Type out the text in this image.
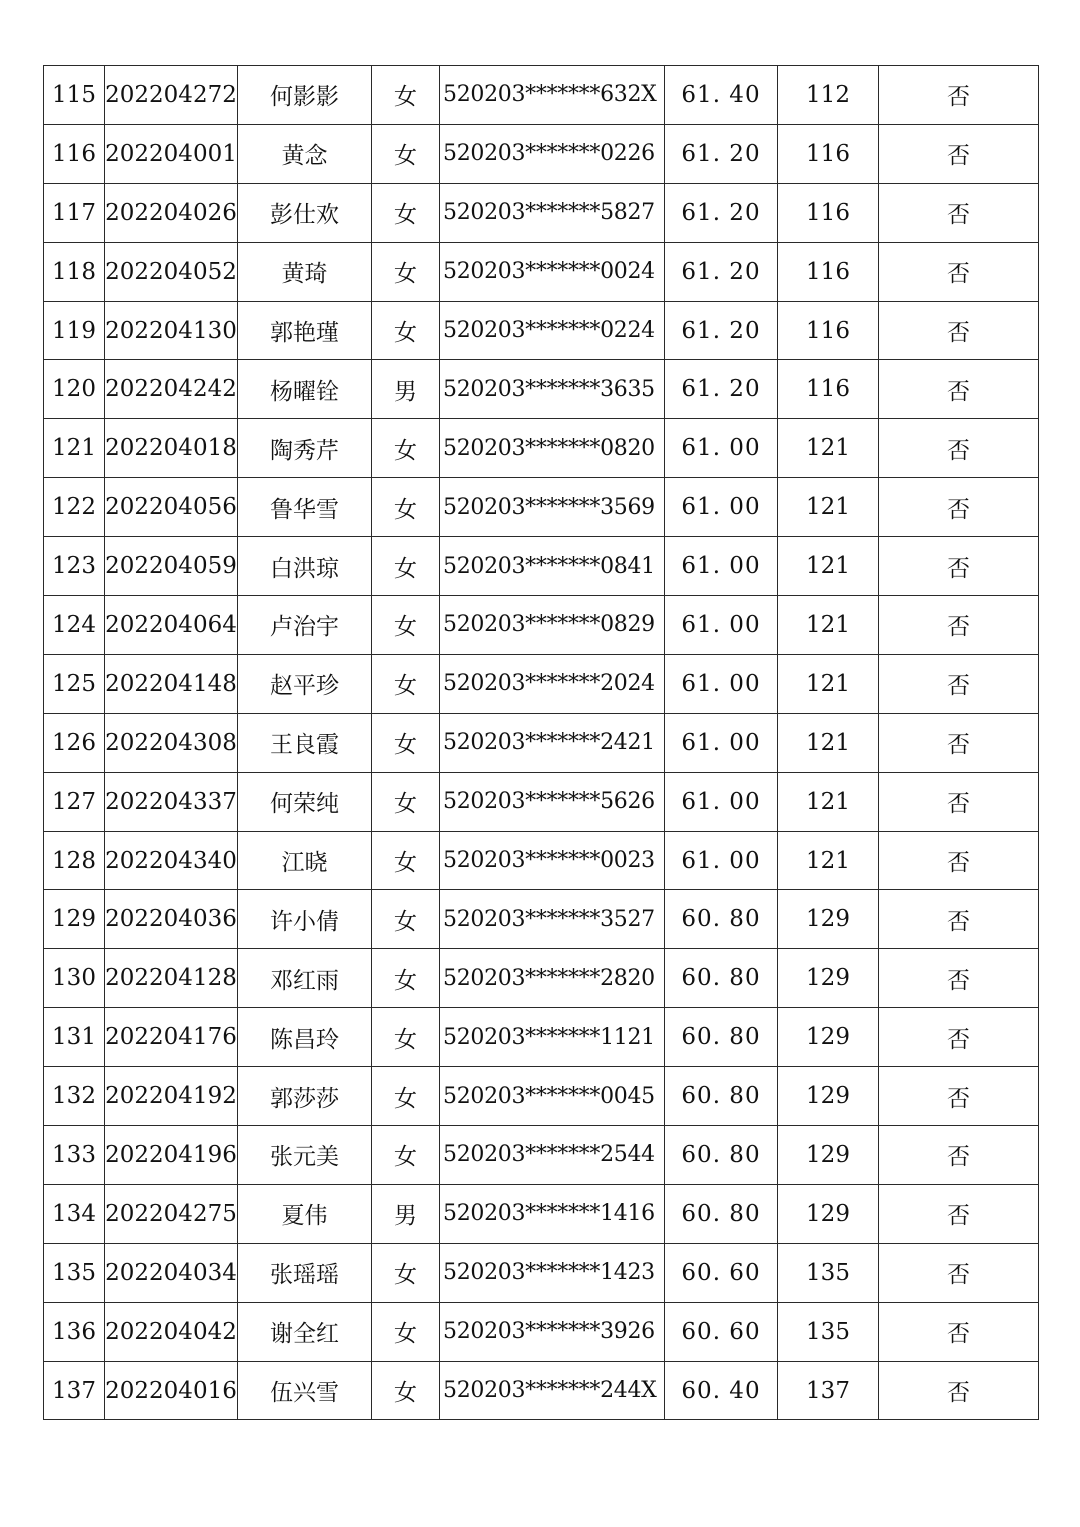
115	202204272	何影影	女	520203*******632X	61. 40	112	否
116	202204001	黄念	女	520203*******0226	61. 20	116	否
117	202204026	彭仕欢	女	520203*******5827	61. 20	116	否
118	202204052	黄琦	女	520203*******0024	61. 20	116	否
119	202204130	郭艳瑾	女	520203*******0224	61. 20	116	否
120	202204242	杨曜铨	男	520203*******3635	61. 20	116	否
121	202204018	陶秀芹	女	520203*******0820	61. 00	121	否
122	202204056	鲁华雪	女	520203*******3569	61. 00	121	否
123	202204059	白洪琼	女	520203*******0841	61. 00	121	否
124	202204064	卢治宇	女	520203*******0829	61. 00	121	否
125	202204148	赵平珍	女	520203*******2024	61. 00	121	否
126	202204308	王良霞	女	520203*******2421	61. 00	121	否
127	202204337	何荣纯	女	520203*******5626	61. 00	121	否
128	202204340	江晓	女	520203*******0023	61. 00	121	否
129	202204036	许小倩	女	520203*******3527	60. 80	129	否
130	202204128	邓红雨	女	520203*******2820	60. 80	129	否
131	202204176	陈昌玲	女	520203*******1121	60. 80	129	否
132	202204192	郭莎莎	女	520203*******0045	60. 80	129	否
133	202204196	张元美	女	520203*******2544	60. 80	129	否
134	202204275	夏伟	男	520203*******1416	60. 80	129	否
135	202204034	张瑶瑶	女	520203*******1423	60. 60	135	否
136	202204042	谢全红	女	520203*******3926	60. 60	135	否
137	202204016	伍兴雪	女	520203*******244X	60. 40	137	否
